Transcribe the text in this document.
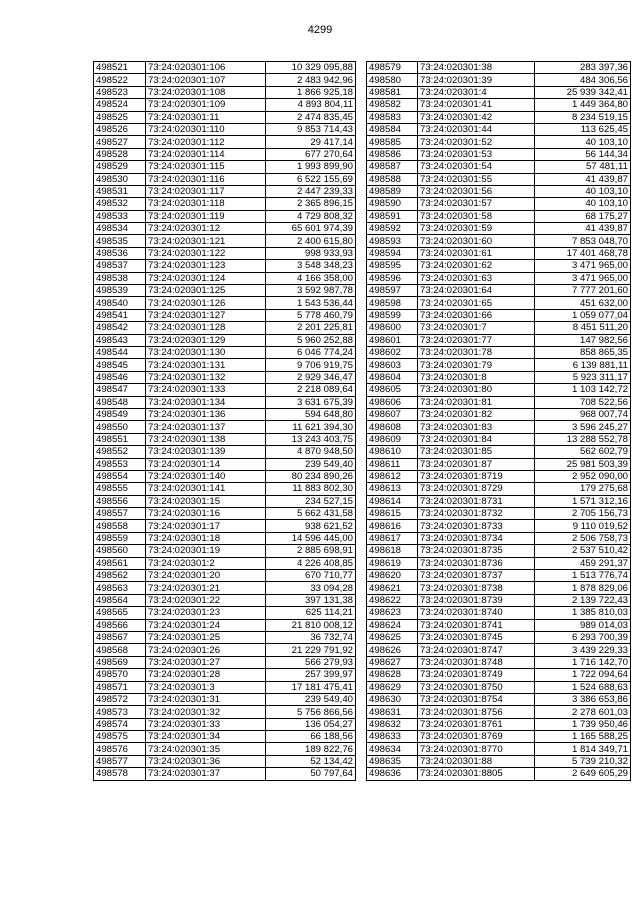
4299
498521	73:24:020301:106	10 329 095,88
498522	73:24:020301:107	2 483 942,96
498523	73:24:020301:108	1 866 925,18
498524	73:24:020301:109	4 893 804,11
498525	73:24:020301:11	2 474 835,45
498526	73:24:020301:110	9 853 714,43
498527	73:24:020301:112	29 417,14
498528	73:24:020301:114	677 270,64
498529	73:24:020301:115	1 993 899,90
498530	73:24:020301:116	6 522 155,69
498531	73:24:020301:117	2 447 239,33
498532	73:24:020301:118	2 365 896,15
498533	73:24:020301:119	4 729 808,32
498534	73:24:020301:12	65 601 974,39
498535	73:24:020301:121	2 400 615,80
498536	73:24:020301:122	998 933,93
498537	73:24:020301:123	3 548 348,23
498538	73:24:020301:124	4 166 358,00
498539	73:24:020301:125	3 592 987,78
498540	73:24:020301:126	1 543 536,44
498541	73:24:020301:127	5 778 460,79
498542	73:24:020301:128	2 201 225,81
498543	73:24:020301:129	5 960 252,88
498544	73:24:020301:130	6 046 774,24
498545	73:24:020301:131	9 706 919,75
498546	73:24:020301:132	2 929 346,47
498547	73:24:020301:133	2 218 089,64
498548	73:24:020301:134	3 631 675,39
498549	73:24:020301:136	594 648,80
498550	73:24:020301:137	11 621 394,30
498551	73:24:020301:138	13 243 403,75
498552	73:24:020301:139	4 870 948,50
498553	73:24:020301:14	239 549,40
498554	73:24:020301:140	80 234 890,26
498555	73:24:020301:141	11 883 802,30
498556	73:24:020301:15	234 527,15
498557	73:24:020301:16	5 662 431,58
498558	73:24:020301:17	938 621,52
498559	73:24:020301:18	14 596 445,00
498560	73:24:020301:19	2 885 698,91
498561	73:24:020301:2	4 226 408,85
498562	73:24:020301:20	670 710,77
498563	73:24:020301:21	33 094,28
498564	73:24:020301:22	397 131,38
498565	73:24:020301:23	625 114,21
498566	73:24:020301:24	21 810 008,12
498567	73:24:020301:25	36 732,74
498568	73:24:020301:26	21 229 791,92
498569	73:24:020301:27	566 279,93
498570	73:24:020301:28	257 399,97
498571	73:24:020301:3	17 181 475,41
498572	73:24:020301:31	239 549,40
498573	73:24:020301:32	5 756 866,56
498574	73:24:020301:33	136 054,27
498575	73:24:020301:34	66 188,56
498576	73:24:020301:35	189 822,76
498577	73:24:020301:36	52 134,42
498578	73:24:020301:37	50 797,64
498579	73:24:020301:38	283 397,36
498580	73:24:020301:39	484 306,56
498581	73:24:020301:4	25 939 342,41
498582	73:24:020301:41	1 449 364,80
498583	73:24:020301:42	8 234 519,15
498584	73:24:020301:44	113 625,45
498585	73:24:020301:52	40 103,10
498586	73:24:020301:53	56 144,34
498587	73:24:020301:54	57 481,11
498588	73:24:020301:55	41 439,87
498589	73:24:020301:56	40 103,10
498590	73:24:020301:57	40 103,10
498591	73:24:020301:58	68 175,27
498592	73:24:020301:59	41 439,87
498593	73:24:020301:60	7 853 048,70
498594	73:24:020301:61	17 401 468,78
498595	73:24:020301:62	3 471 965,00
498596	73:24:020301:63	3 471 965,00
498597	73:24:020301:64	7 777 201,60
498598	73:24:020301:65	451 632,00
498599	73:24:020301:66	1 059 077,04
498600	73:24:020301:7	8 451 511,20
498601	73:24:020301:77	147 982,56
498602	73:24:020301:78	858 865,35
498603	73:24:020301:79	6 139 881,11
498604	73:24:020301:8	5 923 311,17
498605	73:24:020301:80	1 103 142,72
498606	73:24:020301:81	708 522,56
498607	73:24:020301:82	968 007,74
498608	73:24:020301:83	3 596 245,27
498609	73:24:020301:84	13 288 552,78
498610	73:24:020301:85	562 602,79
498611	73:24:020301:87	25 981 503,39
498612	73:24:020301:8719	2 952 090,00
498613	73:24:020301:8729	179 275,68
498614	73:24:020301:8731	1 571 312,16
498615	73:24:020301:8732	2 705 156,73
498616	73:24:020301:8733	9 110 019,52
498617	73:24:020301:8734	2 506 758,73
498618	73:24:020301:8735	2 537 510,42
498619	73:24:020301:8736	459 291,37
498620	73:24:020301:8737	1 513 776,74
498621	73:24:020301:8738	1 878 829,06
498622	73:24:020301:8739	2 139 722,43
498623	73:24:020301:8740	1 385 810,03
498624	73:24:020301:8741	989 014,03
498625	73:24:020301:8745	6 293 700,39
498626	73:24:020301:8747	3 439 229,33
498627	73:24:020301:8748	1 716 142,70
498628	73:24:020301:8749	1 722 094,64
498629	73:24:020301:8750	1 524 688,63
498630	73:24:020301:8754	3 386 653,86
498631	73:24:020301:8756	2 278 601,03
498632	73:24:020301:8761	1 739 950,46
498633	73:24:020301:8769	1 165 588,25
498634	73:24:020301:8770	1 814 349,71
498635	73:24:020301:88	5 739 210,32
498636	73:24:020301:8805	2 649 605,29
